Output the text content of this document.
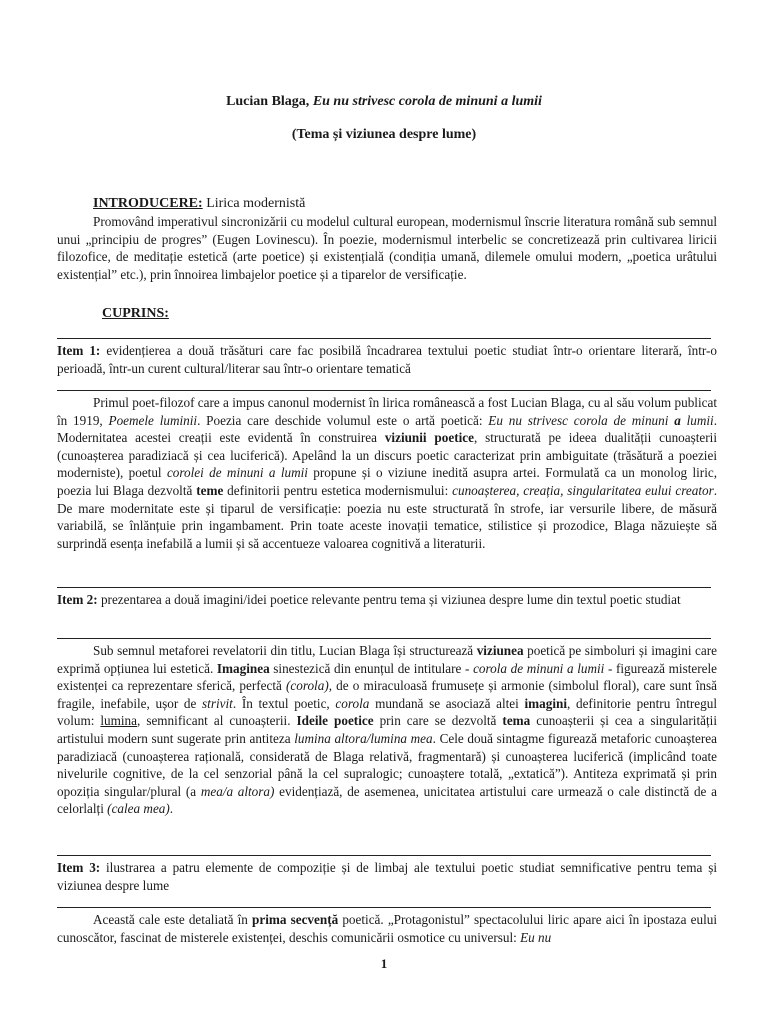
Lucian Blaga, Eu nu strivesc corola de minuni a lumii
(Tema și viziunea despre lume)
INTRODUCERE: Lirica modernistă
Promovând imperativul sincronizării cu modelul cultural european, modernismul înscrie literatura română sub semnul unui „principiu de progres” (Eugen Lovinescu). În poezie, modernismul interbelic se concretizează prin cultivarea liricii filozofice, de meditație estetică (arte poetice) și existențială (condiția umană, dilemele omului modern, „poetica urâtului existențial” etc.), prin înnoirea limbajelor poetice și a tiparelor de versificație.
CUPRINS:
Item 1: evidențierea a două trăsături care fac posibilă încadrarea textului poetic studiat într-o orientare literară, într-o perioadă, într-un curent cultural/literar sau într-o orientare tematică
Primul poet-filozof care a impus canonul modernist în lirica românească a fost Lucian Blaga, cu al său volum publicat în 1919, Poemele luminii. Poezia care deschide volumul este o artă poetică: Eu nu strivesc corola de minuni a lumii. Modernitatea acestei creații este evidentă în construirea viziunii poetice, structurată pe ideea dualității cunoașterii (cunoașterea paradiziacă și cea luciferică). Apelând la un discurs poetic caracterizat prin ambiguitate (trăsătură a poeziei moderniste), poetul corolei de minuni a lumii propune și o viziune inedită asupra artei. Formulată ca un monolog liric, poezia lui Blaga dezvoltă teme definitorii pentru estetica modernismului: cunoașterea, creația, singularitatea eului creator. De mare modernitate este și tiparul de versificație: poezia nu este structurată în strofe, iar versurile libere, de măsură variabilă, se înlănțuie prin ingambament. Prin toate aceste inovații tematice, stilistice și prozodice, Blaga năzuiește să surprindă esența inefabilă a lumii și să accentueze valoarea cognitivă a literaturii.
Item 2: prezentarea a două imagini/idei poetice relevante pentru tema și viziunea despre lume din textul poetic studiat
Sub semnul metaforei revelatorii din titlu, Lucian Blaga își structurează viziunea poetică pe simboluri și imagini care exprimă opțiunea lui estetică. Imaginea sinestezică din enunțul de intitulare - corola de minuni a lumii - figurează misterele existenței ca reprezentare sferică, perfectă (corola), de o miraculoasă frumusețe și armonie (simbolul floral), care sunt însă fragile, inefabile, ușor de strivit. În textul poetic, corola mundană se asociază altei imagini, definitorie pentru întregul volum: lumina, semnificant al cunoașterii. Ideile poetice prin care se dezvoltă tema cunoașterii și cea a singularității artistului modern sunt sugerate prin antiteza lumina altora/lumina mea. Cele două sintagme figurează metaforic cunoașterea paradiziacă (cunoașterea rațională, considerată de Blaga relativă, fragmentară) și cunoașterea luciferică (implicând toate nivelurile cognitive, de la cel senzorial până la cel supralogic; cunoaștere totală, „extatică”). Antiteza exprimată și prin opoziția singular/plural (a mea/a altora) evidențiază, de asemenea, unicitatea artistului care urmează o cale distinctă de a celorlalți (calea mea).
Item 3: ilustrarea a patru elemente de compoziție și de limbaj ale textului poetic studiat semnificative pentru tema și viziunea despre lume
Această cale este detaliată în prima secvență poetică. „Protagonistul” spectacolului liric apare aici în ipostaza eului cunoscător, fascinat de misterele existenței, deschis comunicării osmotice cu universul: Eu nu
1
